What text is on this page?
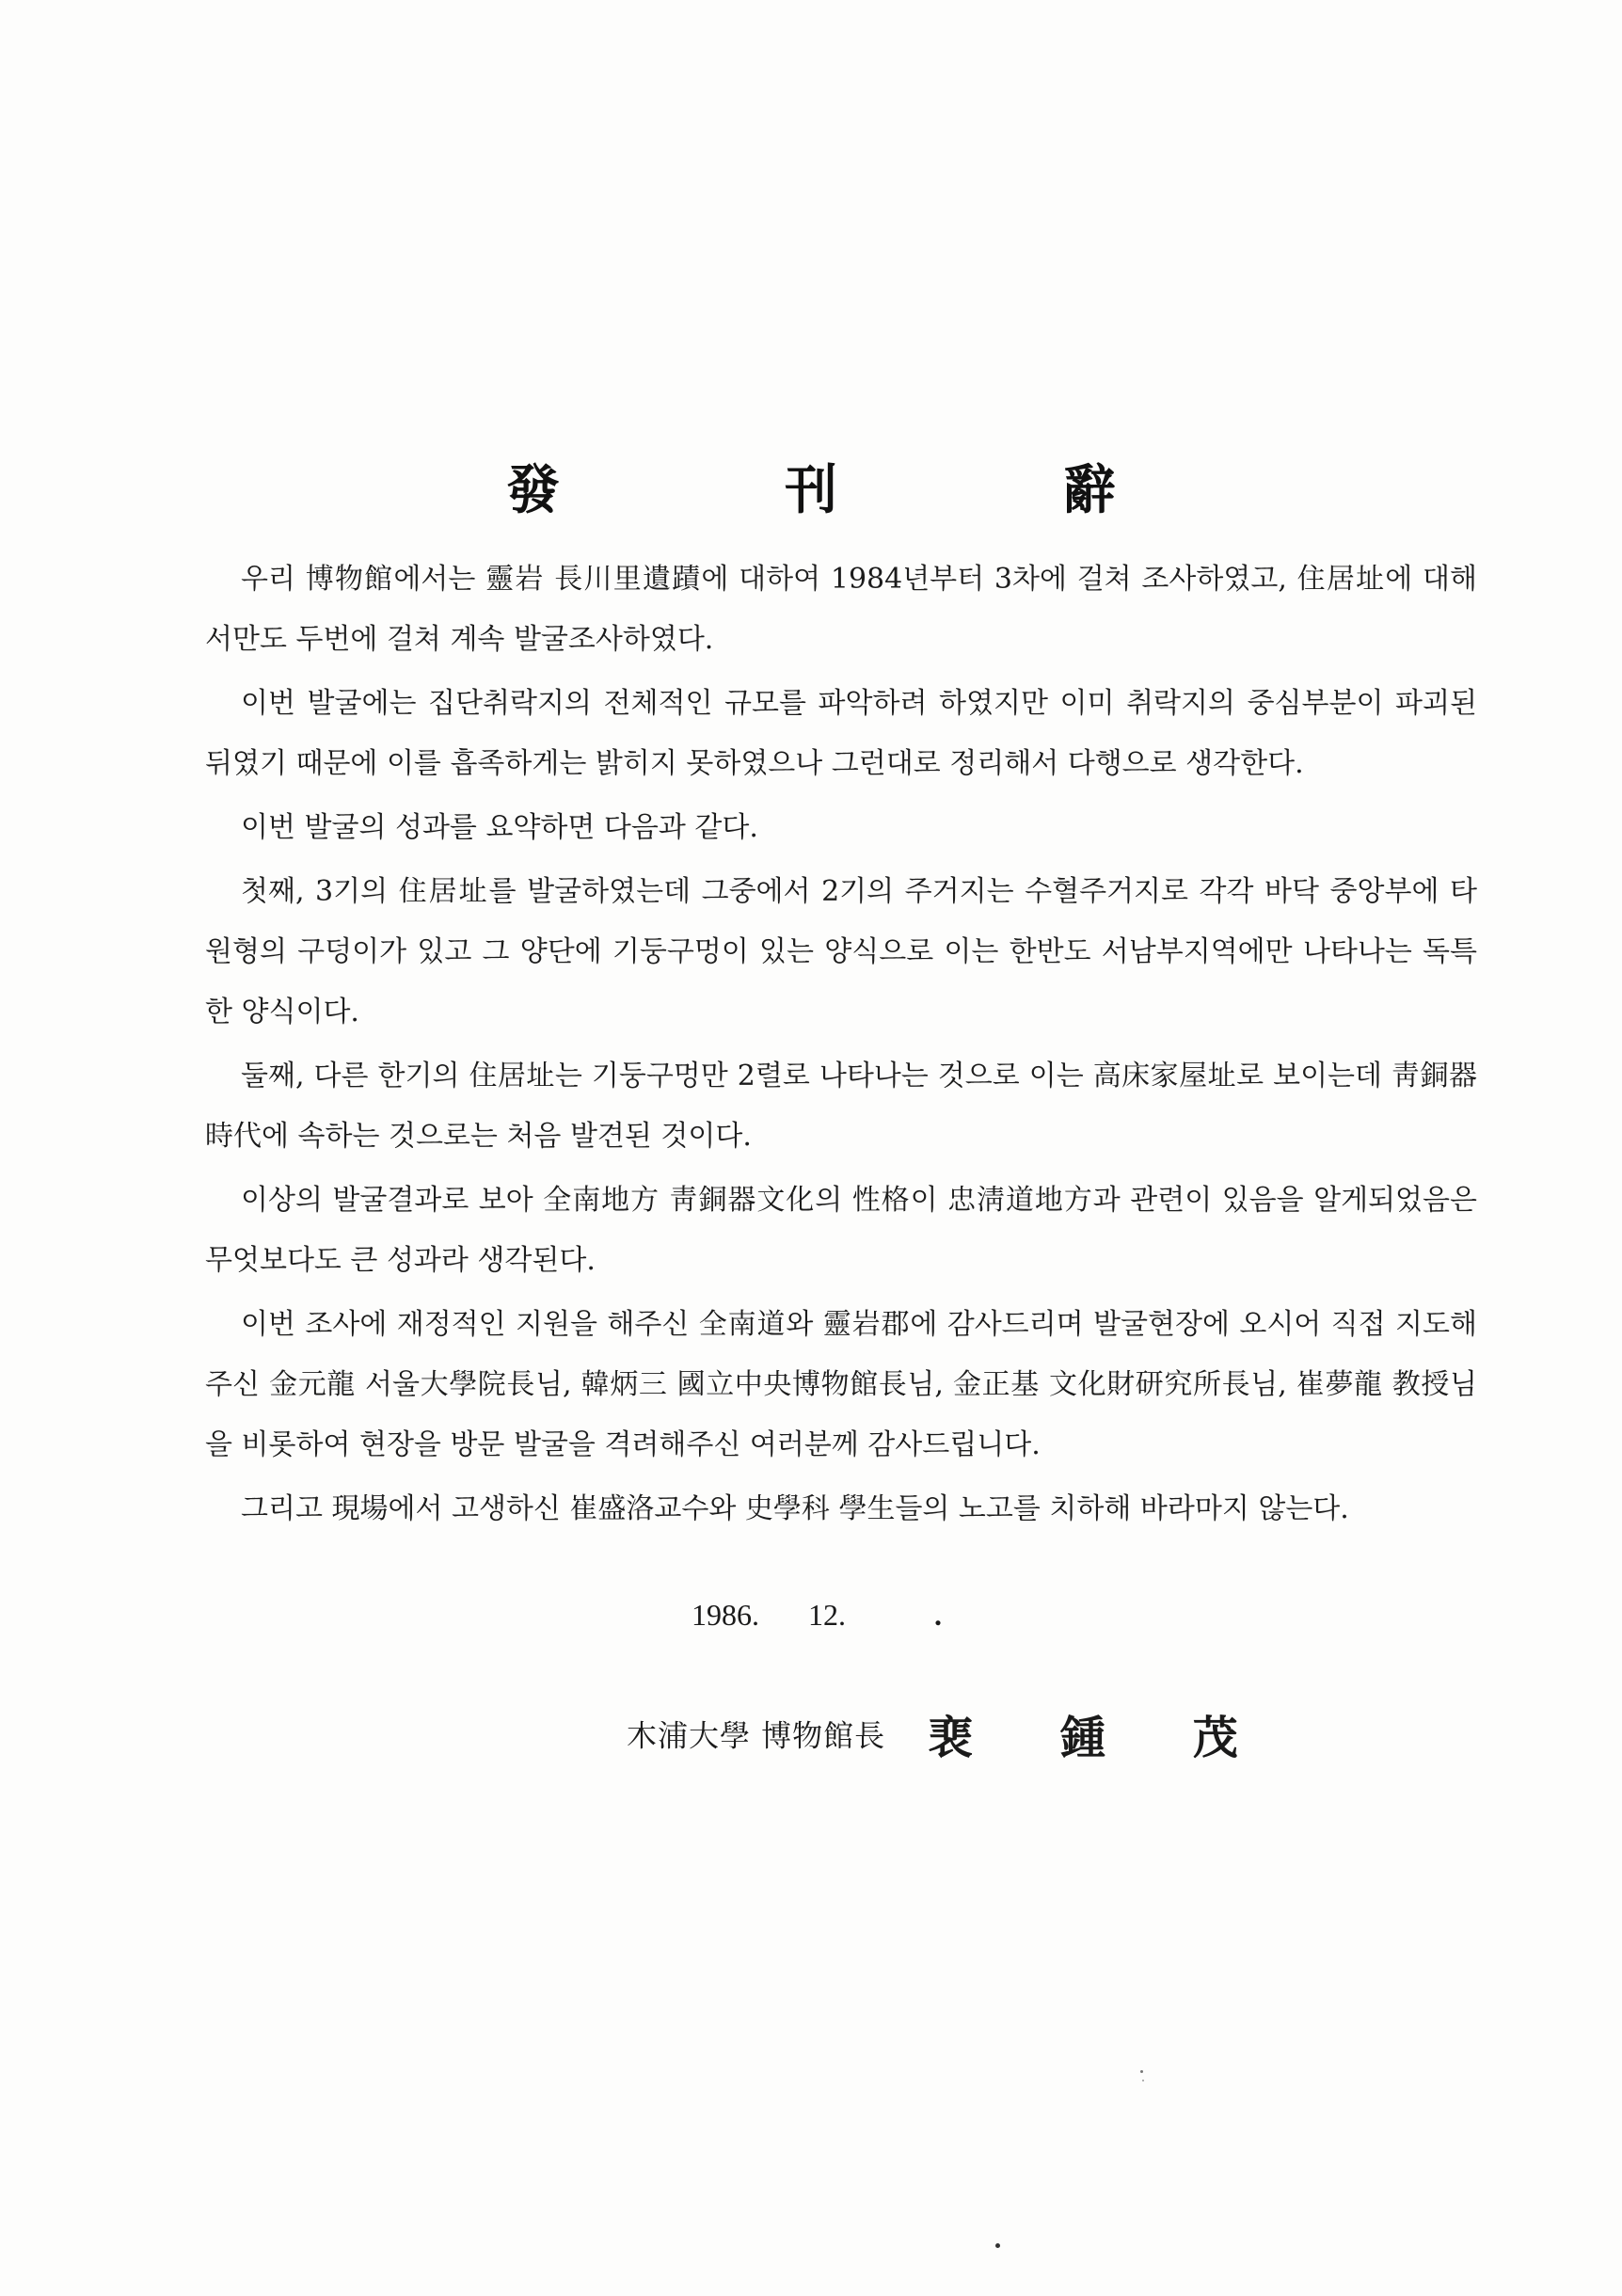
發 刊 辭

우리 博物館에서는 靈岩 長川里遺蹟에 대하여 1984년부터 3차에 걸쳐 조사하였고, 住居址에 대해서만도 두번에 걸쳐 계속 발굴조사하였다.

이번 발굴에는 집단취락지의 전체적인 규모를 파악하려 하였지만 이미 취락지의 중심부분이 파괴된 뒤였기 때문에 이를 흡족하게는 밝히지 못하였으나 그런대로 정리해서 다행으로 생각한다.

이번 발굴의 성과를 요약하면 다음과 같다.

첫째, 3기의 住居址를 발굴하였는데 그중에서 2기의 주거지는 수혈주거지로 각각 바닥 중앙부에 타원형의 구덩이가 있고 그 양단에 기둥구멍이 있는 양식으로 이는 한반도 서남부지역에만 나타나는 독특한 양식이다.

둘째, 다른 한기의 住居址는 기둥구멍만 2렬로 나타나는 것으로 이는 高床家屋址로 보이는데 靑銅器時代에 속하는 것으로는 처음 발견된 것이다.

이상의 발굴결과로 보아 全南地方 靑銅器文化의 性格이 忠淸道地方과 관련이 있음을 알게되었음은 무엇보다도 큰 성과라 생각된다.

이번 조사에 재정적인 지원을 해주신 全南道와 靈岩郡에 감사드리며 발굴현장에 오시어 직접 지도해주신 金元龍 서울大學院長님, 韓炳三 國立中央博物館長님, 金正基 文化財研究所長님, 崔夢龍 教授님을 비롯하여 현장을 방문 발굴을 격려해주신 여러분께 감사드립니다.

그리고 現場에서 고생하신 崔盛洛교수와 史學科 學生들의 노고를 치하해 바라마지 않는다.

1986. 12.	.
木浦大學 博物館長 裵 鍾 茂
